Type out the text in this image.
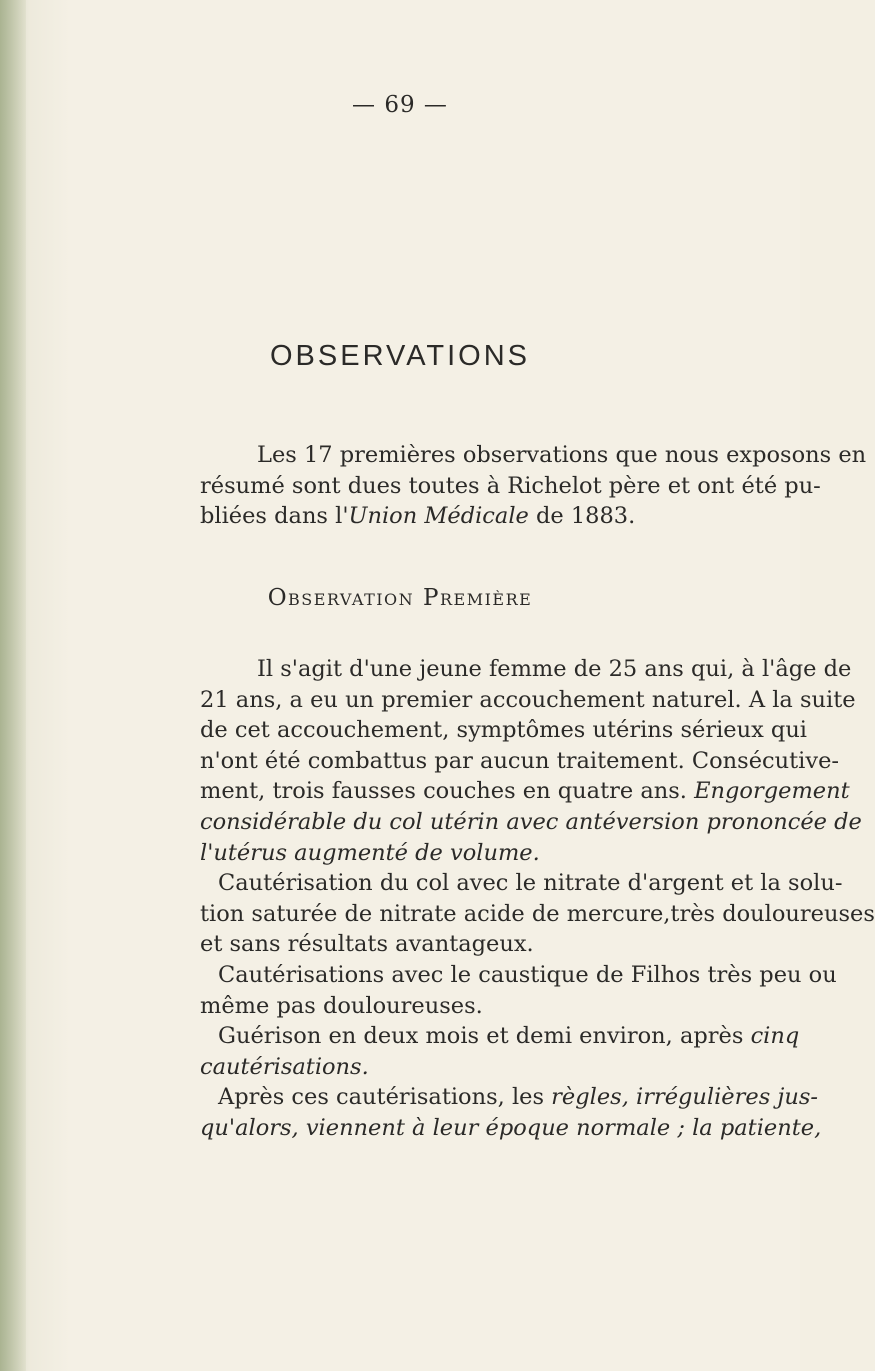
— 69 —
OBSERVATIONS
Les 17 premières observations que nous exposons en
résumé sont dues toutes à Richelot père et ont été pu-
bliées dans l'Union Médicale de 1883.
Observation Première
Il s'agit d'une jeune femme de 25 ans qui, à l'âge de
21 ans, a eu un premier accouchement naturel. A la suite
de cet accouchement, symptômes utérins sérieux qui
n'ont été combattus par aucun traitement. Consécutive-
ment, trois fausses couches en quatre ans. Engorgement
considérable du col utérin avec antéversion prononcée de
l'utérus augmenté de volume.
Cautérisation du col avec le nitrate d'argent et la solu-
tion saturée de nitrate acide de mercure,très douloureuses
et sans résultats avantageux.
Cautérisations avec le caustique de Filhos très peu ou
même pas douloureuses.
Guérison en deux mois et demi environ, après cinq
cautérisations.
Après ces cautérisations, les règles, irrégulières jus-
qu'alors, viennent à leur époque normale ; la patiente,
